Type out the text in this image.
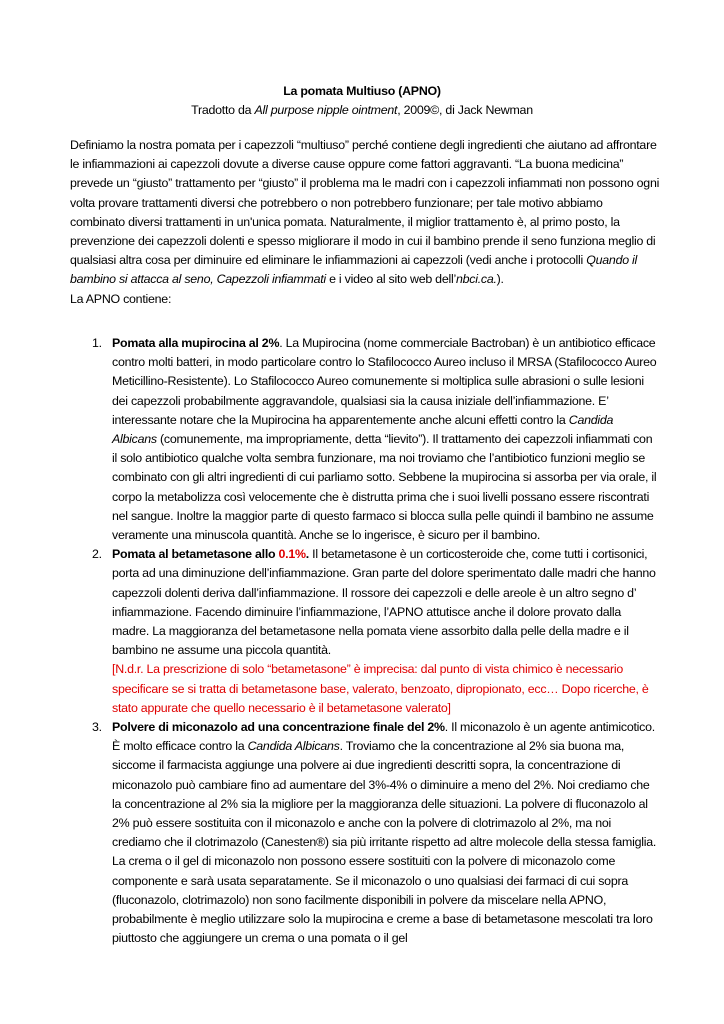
La pomata Multiuso (APNO)
Tradotto da All purpose nipple ointment, 2009©, di Jack Newman

Definiamo la nostra pomata per i capezzoli “multiuso” perché contiene degli ingredienti che aiutano ad affrontare le infiammazioni ai capezzoli dovute a diverse cause oppure come fattori aggravanti. “La buona medicina” prevede un “giusto” trattamento per “giusto” il problema ma le madri con i capezzoli infiammati non possono ogni volta provare trattamenti diversi che potrebbero o non potrebbero funzionare; per tale motivo abbiamo combinato diversi trattamenti in un'unica pomata. Naturalmente, il miglior trattamento è, al primo posto, la prevenzione dei capezzoli dolenti e spesso migliorare il modo in cui il bambino prende il seno funziona meglio di qualsiasi altra cosa per diminuire ed eliminare le infiammazioni ai capezzoli (vedi anche i protocolli Quando il bambino si attacca al seno, Capezzoli infiammati e i video al sito web dell’nbci.ca.).

La APNO contiene:

1. Pomata alla mupirocina al 2%. La Mupirocina (nome commerciale Bactroban) è un antibiotico efficace contro molti batteri, in modo particolare contro lo Stafilococco Aureo incluso il MRSA (Stafilococco Aureo Meticillino-Resistente). Lo Stafilococco Aureo comunemente si moltiplica sulle abrasioni o sulle lesioni dei capezzoli probabilmente aggravandole, qualsiasi sia la causa iniziale dell’infiammazione. E’ interessante notare che la Mupirocina ha apparentemente anche alcuni effetti contro la Candida Albicans (comunemente, ma impropriamente, detta “lievito”). Il trattamento dei capezzoli infiammati con il solo antibiotico qualche volta sembra funzionare, ma noi troviamo che l’antibiotico funzioni meglio se combinato con gli altri ingredienti di cui parliamo sotto. Sebbene la mupirocina si assorba per via orale, il corpo la metabolizza così velocemente che è distrutta prima che i suoi livelli possano essere riscontrati nel sangue. Inoltre la maggior parte di questo farmaco si blocca sulla pelle quindi il bambino ne assume veramente una minuscola quantità. Anche se lo ingerisce, è sicuro per il bambino.
2. Pomata al betametasone allo 0.1%. Il betametasone è un corticosteroide che, come tutti i cortisonici, porta ad una diminuzione dell’infiammazione. Gran parte del dolore sperimentato dalle madri che hanno capezzoli dolenti deriva dall’infiammazione. Il rossore dei capezzoli e delle areole è un altro segno d’ infiammazione. Facendo diminuire l’infiammazione, l’APNO attutisce anche il dolore provato dalla madre. La maggioranza del betametasone nella pomata viene assorbito dalla pelle della madre e il bambino ne assume una piccola quantità.
[N.d.r. La prescrizione di solo “betametasone” è imprecisa: dal punto di vista chimico è necessario specificare se si tratta di betametasone base, valerato, benzoato, dipropionato, ecc… Dopo ricerche, è stato appurate che quello necessario è il betametasone valerato]
3. Polvere di miconazolo ad una concentrazione finale del 2%. Il miconazolo è un agente antimicotico. È molto efficace contro la Candida Albicans. Troviamo che la concentrazione al 2% sia buona ma, siccome il farmacista aggiunge una polvere ai due ingredienti descritti sopra, la concentrazione di miconazolo può cambiare fino ad aumentare del 3%-4% o diminuire a meno del 2%. Noi crediamo che la concentrazione al 2% sia la migliore per la maggioranza delle situazioni. La polvere di fluconazolo al 2% può essere sostituita con il miconazolo e anche con la polvere di clotrimazolo al 2%, ma noi crediamo che il clotrimazolo (Canesten®) sia più irritante rispetto ad altre molecole della stessa famiglia. La crema o il gel di miconazolo non possono essere sostituiti con la polvere di miconazolo come componente e sarà usata separatamente. Se il miconazolo o uno qualsiasi dei farmaci di cui sopra (fluconazolo, clotrimazolo) non sono facilmente disponibili in polvere da miscelare nella APNO, probabilmente è meglio utilizzare solo la mupirocina e creme a base di betametasone mescolati tra loro piuttosto che aggiungere un crema o una pomata o il gel
